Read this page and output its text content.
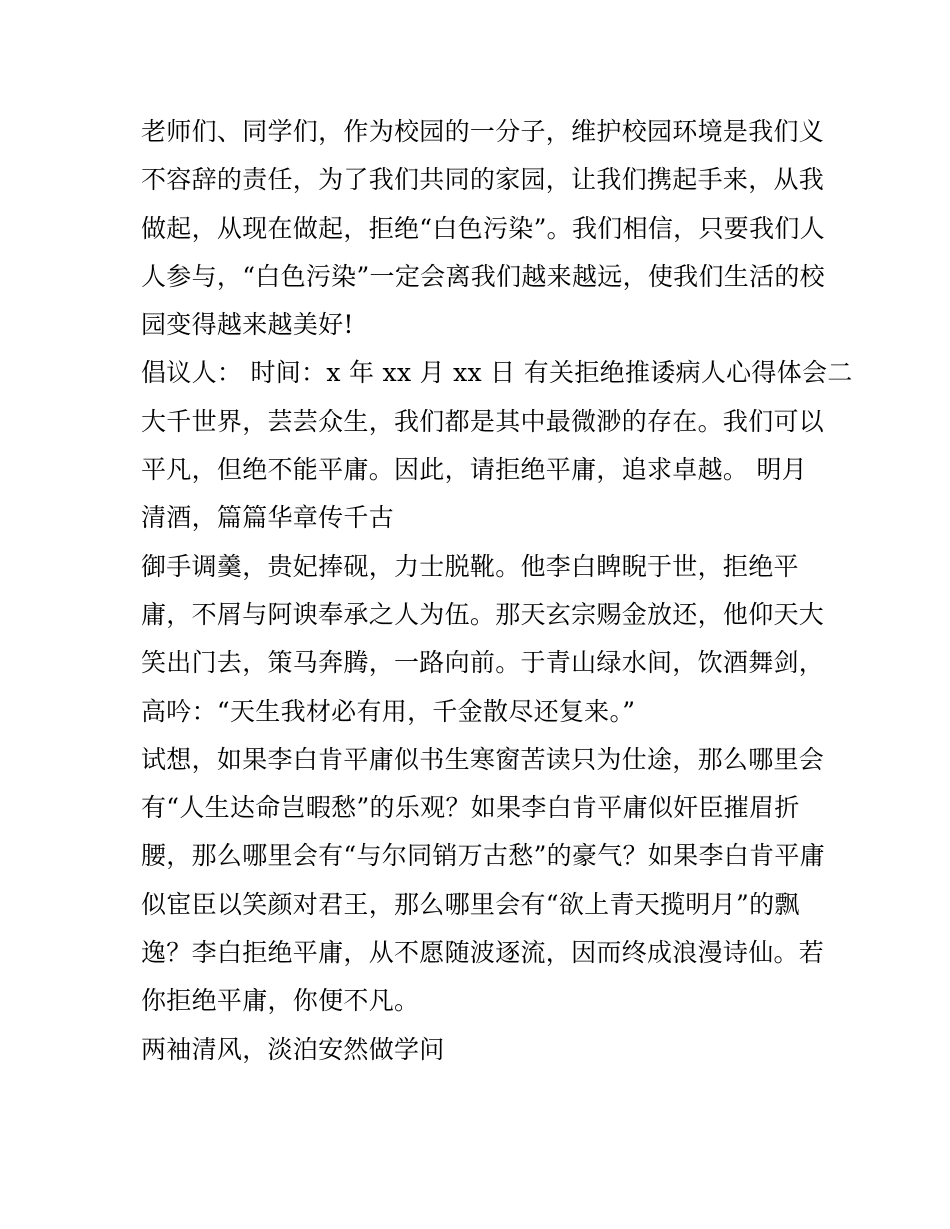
老师们、同学们，作为校园的一分子，维护校园环境是我们义
不容辞的责任，为了我们共同的家园，让我们携起手来，从我
做起，从现在做起，拒绝“白色污染”。我们相信，只要我们人
人参与，“白色污染”一定会离我们越来越远，使我们生活的校
园变得越来越美好!
倡议人： 时间：x 年 xx 月 xx 日 有关拒绝推诿病人心得体会二
大千世界，芸芸众生，我们都是其中最微渺的存在。我们可以
平凡，但绝不能平庸。因此，请拒绝平庸，追求卓越。 明月
清酒，篇篇华章传千古
御手调羹，贵妃捧砚，力士脱靴。他李白睥睨于世，拒绝平
庸，不屑与阿谀奉承之人为伍。那天玄宗赐金放还，他仰天大
笑出门去，策马奔腾，一路向前。于青山绿水间，饮酒舞剑，
高吟：“天生我材必有用，千金散尽还复来。”
试想，如果李白肯平庸似书生寒窗苦读只为仕途，那么哪里会
有“人生达命岂暇愁”的乐观？如果李白肯平庸似奸臣摧眉折
腰，那么哪里会有“与尔同销万古愁”的豪气？如果李白肯平庸
似宦臣以笑颜对君王，那么哪里会有“欲上青天揽明月”的飘
逸？李白拒绝平庸，从不愿随波逐流，因而终成浪漫诗仙。若
你拒绝平庸，你便不凡。
两袖清风，淡泊安然做学问
